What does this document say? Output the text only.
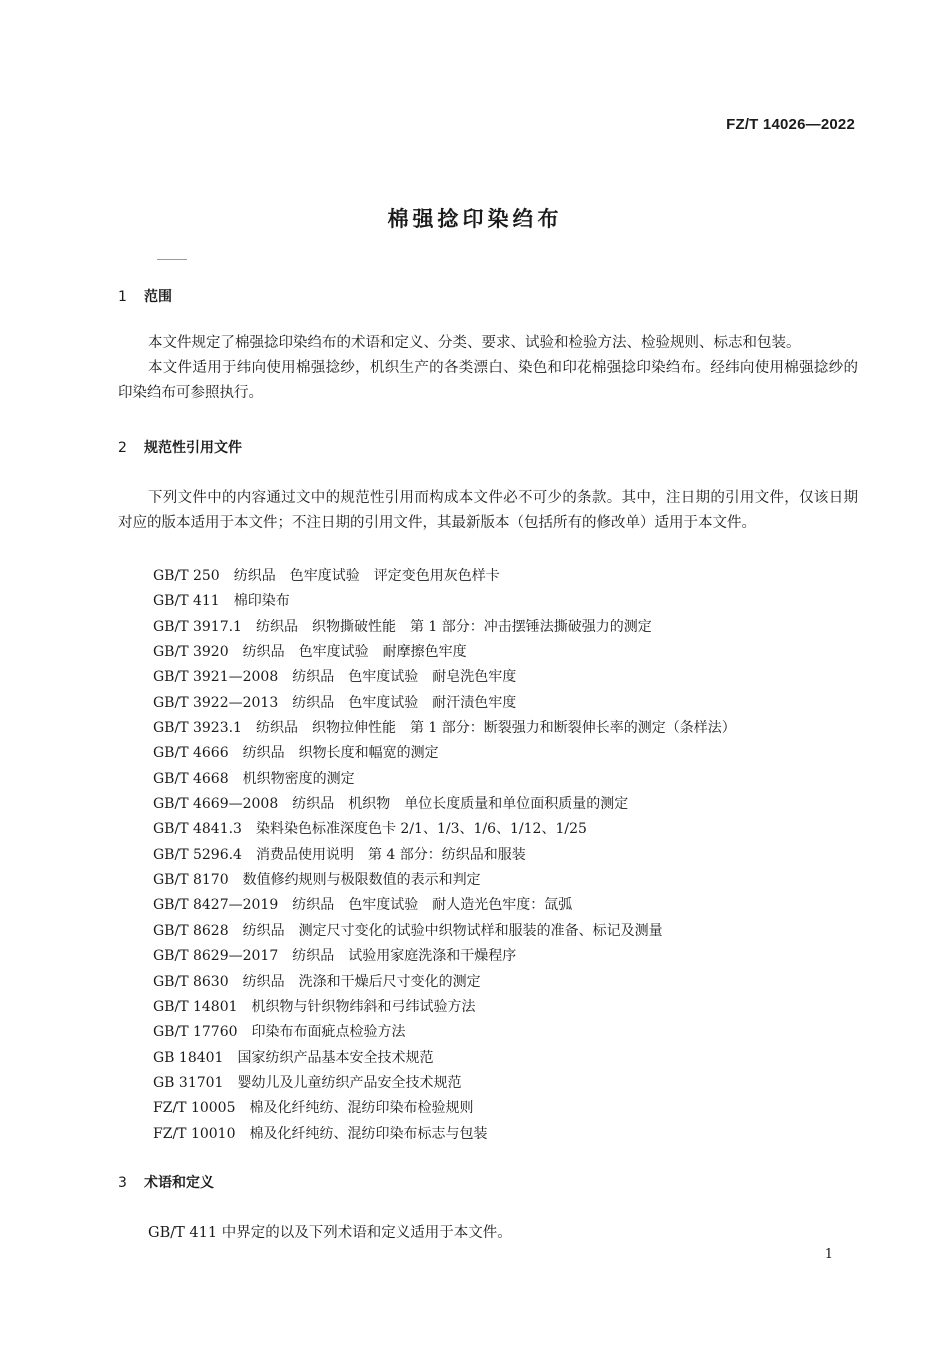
FZ/T 14026—2022
棉强捻印染绉布
1 范围

本文件规定了棉强捻印染绉布的术语和定义、分类、要求、试验和检验方法、检验规则、标志和包装。

本文件适用于纬向使用棉强捻纱，机织生产的各类漂白、染色和印花棉强捻印染绉布。经纬向使用棉强捻纱的印染绉布可参照执行。

2 规范性引用文件

下列文件中的内容通过文中的规范性引用而构成本文件必不可少的条款。其中，注日期的引用文件，仅该日期对应的版本适用于本文件；不注日期的引用文件，其最新版本（包括所有的修改单）适用于本文件。

GB/T 250 纺织品　色牢度试验　评定变色用灰色样卡
GB/T 411 棉印染布
GB/T 3917.1 纺织品　织物撕破性能　第 1 部分：冲击摆锤法撕破强力的测定
GB/T 3920 纺织品　色牢度试验　耐摩擦色牢度
GB/T 3921—2008 纺织品　色牢度试验　耐皂洗色牢度
GB/T 3922—2013 纺织品　色牢度试验　耐汗渍色牢度
GB/T 3923.1 纺织品　织物拉伸性能　第 1 部分：断裂强力和断裂伸长率的测定（条样法）
GB/T 4666 纺织品　织物长度和幅宽的测定
GB/T 4668 机织物密度的测定
GB/T 4669—2008 纺织品　机织物　单位长度质量和单位面积质量的测定
GB/T 4841.3 染料染色标准深度色卡 2/1、1/3、1/6、1/12、1/25
GB/T 5296.4 消费品使用说明　第 4 部分：纺织品和服装
GB/T 8170 数值修约规则与极限数值的表示和判定
GB/T 8427—2019 纺织品　色牢度试验　耐人造光色牢度：氙弧
GB/T 8628 纺织品　测定尺寸变化的试验中织物试样和服装的准备、标记及测量
GB/T 8629—2017 纺织品　试验用家庭洗涤和干燥程序
GB/T 8630 纺织品　洗涤和干燥后尺寸变化的测定
GB/T 14801 机织物与针织物纬斜和弓纬试验方法
GB/T 17760 印染布布面疵点检验方法
GB 18401 国家纺织产品基本安全技术规范
GB 31701 婴幼儿及儿童纺织产品安全技术规范
FZ/T 10005 棉及化纤纯纺、混纺印染布检验规则
FZ/T 10010 棉及化纤纯纺、混纺印染布标志与包装
3 术语和定义

GB/T 411 中界定的以及下列术语和定义适用于本文件。

1
